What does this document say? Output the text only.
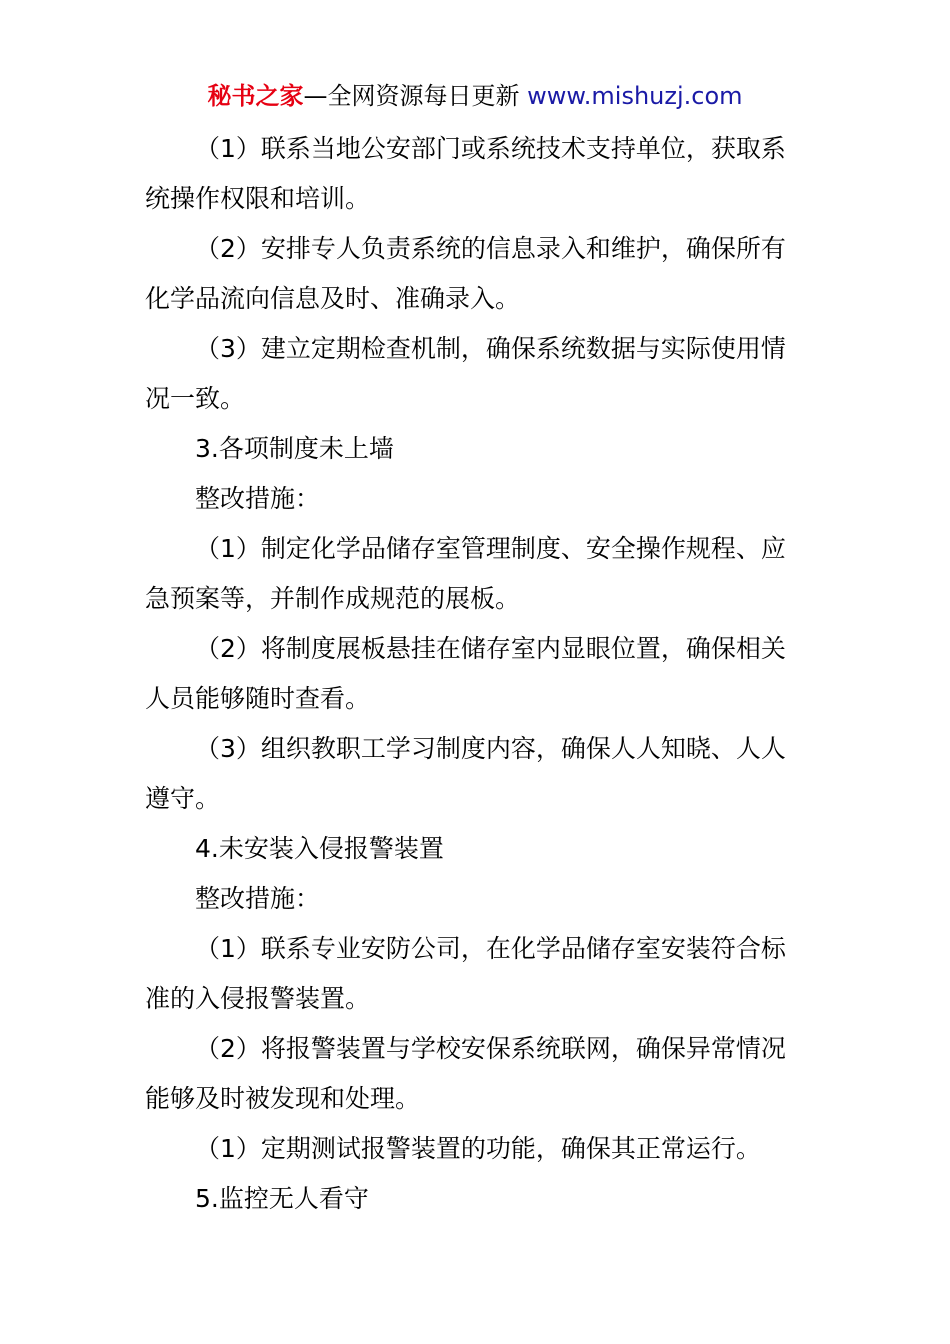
秘书之家—全网资源每日更新 www.mishuzj.com

（1）联系当地公安部门或系统技术支持单位，获取系统操作权限和培训。

（2）安排专人负责系统的信息录入和维护，确保所有化学品流向信息及时、准确录入。

（3）建立定期检查机制，确保系统数据与实际使用情况一致。

3.各项制度未上墙

整改措施：

（1）制定化学品储存室管理制度、安全操作规程、应急预案等，并制作成规范的展板。

（2）将制度展板悬挂在储存室内显眼位置，确保相关人员能够随时查看。

（3）组织教职工学习制度内容，确保人人知晓、人人遵守。

4.未安装入侵报警装置

整改措施：

（1）联系专业安防公司，在化学品储存室安装符合标准的入侵报警装置。

（2）将报警装置与学校安保系统联网，确保异常情况能够及时被发现和处理。

（1）定期测试报警装置的功能，确保其正常运行。

5.监控无人看守
